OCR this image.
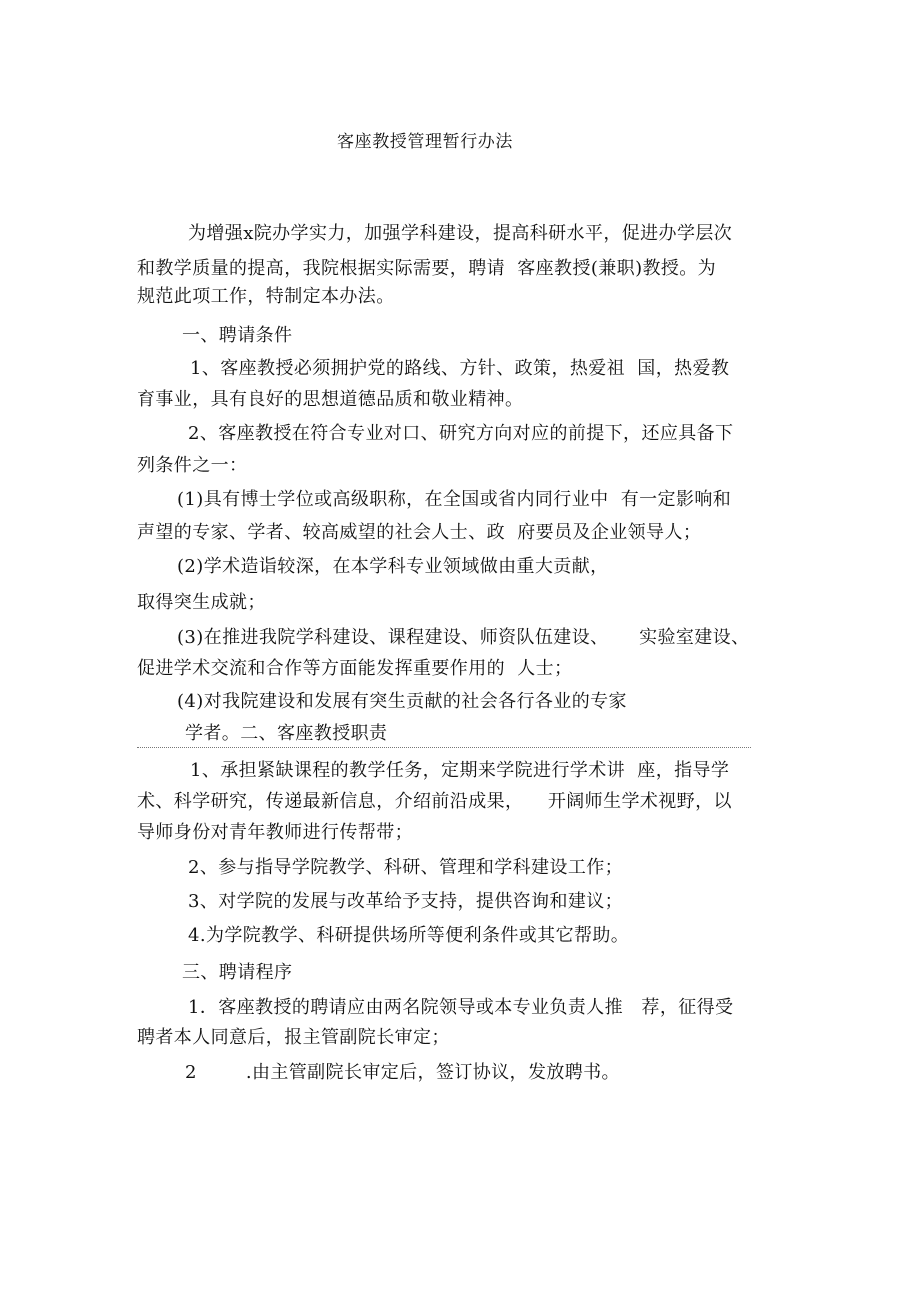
客座教授管理暂行办法
为增强x院办学实力，加强学科建设，提高科研水平，促进办学层次
和教学质量的提高，我院根据实际需要，聘请  客座教授(兼职)教授。为
规范此项工作，特制定本办法。
一、聘请条件
1、客座教授必须拥护党的路线、方针、政策，热爱祖  国，热爱教
育事业，具有良好的思想道德品质和敬业精神。
2、客座教授在符合专业对口、研究方向对应的前提下，还应具备下
列条件之一：
(1)具有博士学位或高级职称，在全国或省内同行业中  有一定影响和
声望的专家、学者、较高威望的社会人士、政  府要员及企业领导人；
(2)学术造诣较深，在本学科专业领域做由重大贡献，
取得突生成就；
(3)在推进我院学科建设、课程建设、师资队伍建设、     实验室建设、
促进学术交流和合作等方面能发挥重要作用的  人士；
(4)对我院建设和发展有突生贡献的社会各行各业的专家
学者。二、客座教授职责
1、承担紧缺课程的教学任务，定期来学院进行学术讲  座，指导学
术、科学研究，传递最新信息，介绍前沿成果，    开阔师生学术视野，以
导师身份对青年教师进行传帮带；
2、参与指导学院教学、科研、管理和学科建设工作；
3、对学院的发展与改革给予支持，提供咨询和建议；
4.为学院教学、科研提供场所等便利条件或其它帮助。
三、聘请程序
1．客座教授的聘请应由两名院领导或本专业负责人推   荐，征得受
聘者本人同意后，报主管副院长审定；
2        .由主管副院长审定后，签订协议，发放聘书。
